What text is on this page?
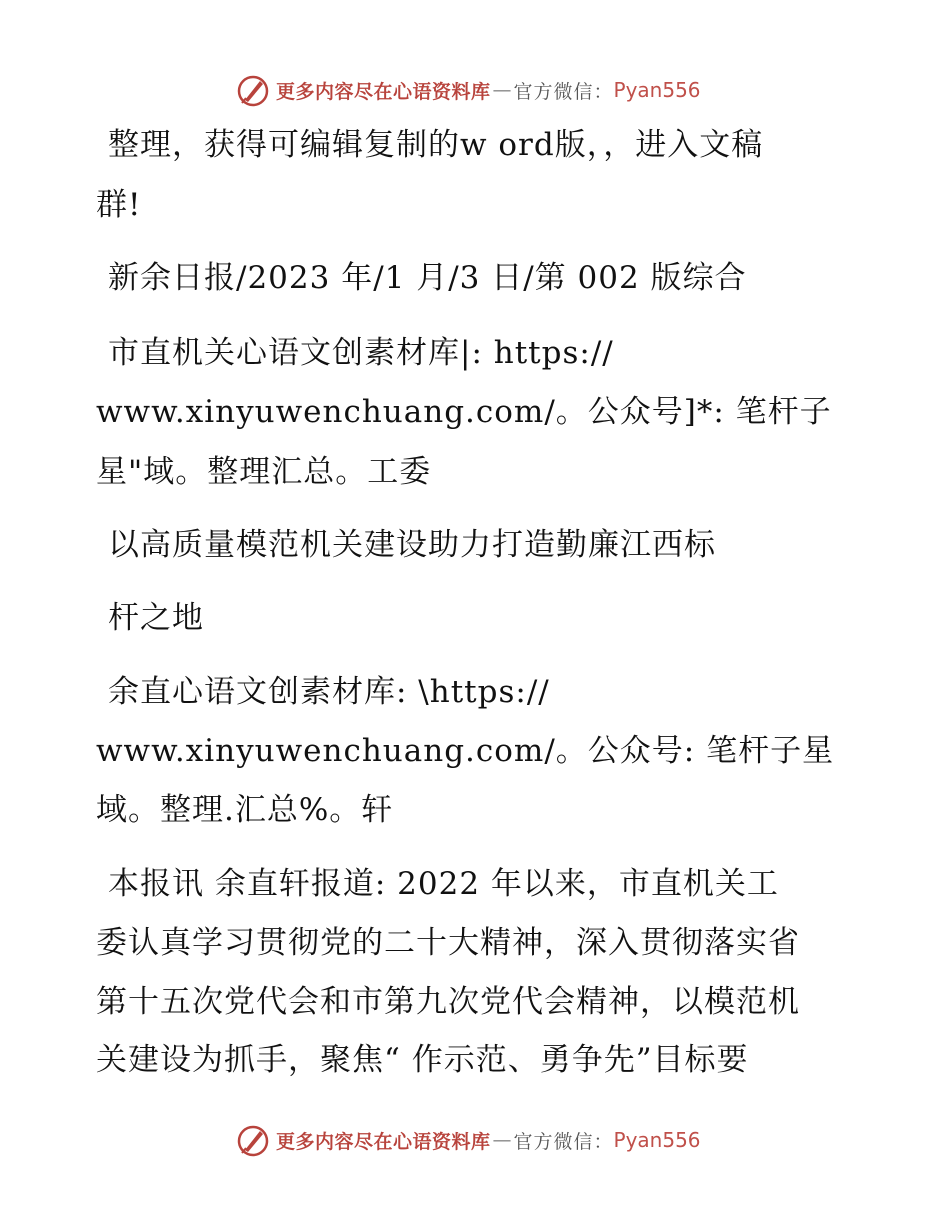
更多内容尽在心语资料库 — 官方微信： Pyan556
整理，获得可编辑复制的w ord版，，进入文稿
群!
新余日报/2023 年/1 月/3 日/第 002 版综合
市直机关心语文创素材库|: https://
www.xinyuwenchuang.com/。公众号]*: 笔杆子
星"域。整理汇总。工委
以高质量模范机关建设助力打造勤廉江西标
杆之地
余直心语文创素材库: \https://
www.xinyuwenchuang.com/。公众号: 笔杆子星
域。整理.汇总%。轩
本报讯 余直轩报道: 2022 年以来，市直机关工
委认真学习贯彻党的二十大精神，深入贯彻落实省
第十五次党代会和市第九次党代会精神，以模范机
关建设为抓手，聚焦“ 作示范、勇争先”目标要
更多内容尽在心语资料库 — 官方微信： Pyan556
